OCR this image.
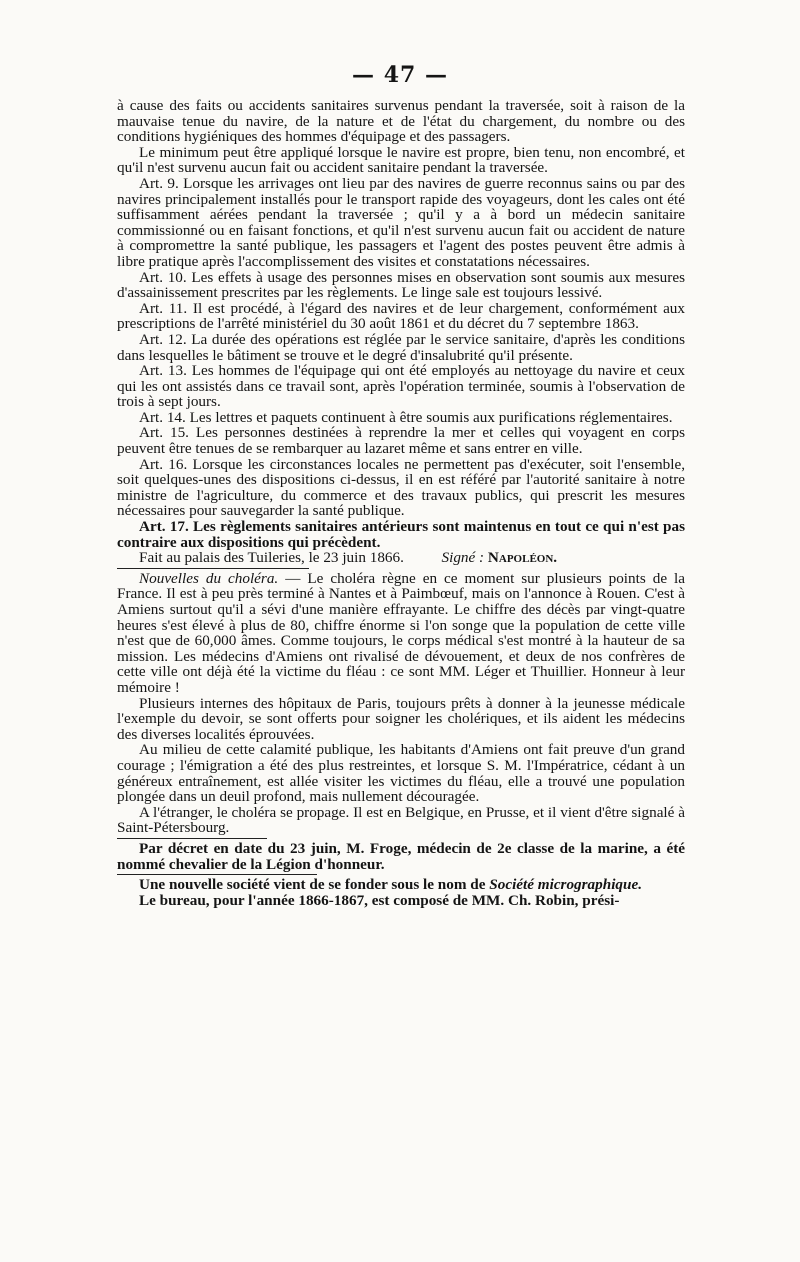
— 47 —

à cause des faits ou accidents sanitaires survenus pendant la traversée, soit à raison de la mauvaise tenue du navire, de la nature et de l'état du chargement, du nombre ou des conditions hygiéniques des hommes d'équipage et des passagers.

Le minimum peut être appliqué lorsque le navire est propre, bien tenu, non encombré, et qu'il n'est survenu aucun fait ou accident sanitaire pendant la traversée.

Art. 9. Lorsque les arrivages ont lieu par des navires de guerre reconnus sains ou par des navires principalement installés pour le transport rapide des voyageurs, dont les cales ont été suffisamment aérées pendant la traversée ; qu'il y a à bord un médecin sanitaire commissionné ou en faisant fonctions, et qu'il n'est survenu aucun fait ou accident de nature à compromettre la santé publique, les passagers et l'agent des postes peuvent être admis à libre pratique après l'accomplissement des visites et constatations nécessaires.

Art. 10. Les effets à usage des personnes mises en observation sont soumis aux mesures d'assainissement prescrites par les règlements. Le linge sale est toujours lessivé.

Art. 11. Il est procédé, à l'égard des navires et de leur chargement, conformément aux prescriptions de l'arrêté ministériel du 30 août 1861 et du décret du 7 septembre 1863.

Art. 12. La durée des opérations est réglée par le service sanitaire, d'après les conditions dans lesquelles le bâtiment se trouve et le degré d'insalubrité qu'il présente.

Art. 13. Les hommes de l'équipage qui ont été employés au nettoyage du navire et ceux qui les ont assistés dans ce travail sont, après l'opération terminée, soumis à l'observation de trois à sept jours.

Art. 14. Les lettres et paquets continuent à être soumis aux purifications réglementaires.

Art. 15. Les personnes destinées à reprendre la mer et celles qui voyagent en corps peuvent être tenues de se rembarquer au lazaret même et sans entrer en ville.

Art. 16. Lorsque les circonstances locales ne permettent pas d'exécuter, soit l'ensemble, soit quelques-unes des dispositions ci-dessus, il en est référé par l'autorité sanitaire à notre ministre de l'agriculture, du commerce et des travaux publics, qui prescrit les mesures nécessaires pour sauvegarder la santé publique.

Art. 17. Les règlements sanitaires antérieurs sont maintenus en tout ce qui n'est pas contraire aux dispositions qui précèdent.

Fait au palais des Tuileries, le 23 juin 1866. Signé : Napoléon.

Nouvelles du choléra. — Le choléra règne en ce moment sur plusieurs points de la France. Il est à peu près terminé à Nantes et à Paimbœuf, mais on l'annonce à Rouen. C'est à Amiens surtout qu'il a sévi d'une manière effrayante. Le chiffre des décès par vingt-quatre heures s'est élevé à plus de 80, chiffre énorme si l'on songe que la population de cette ville n'est que de 60,000 âmes. Comme toujours, le corps médical s'est montré à la hauteur de sa mission. Les médecins d'Amiens ont rivalisé de dévouement, et deux de nos confrères de cette ville ont déjà été la victime du fléau : ce sont MM. Léger et Thuillier. Honneur à leur mémoire !

Plusieurs internes des hôpitaux de Paris, toujours prêts à donner à la jeunesse médicale l'exemple du devoir, se sont offerts pour soigner les cholériques, et ils aident les médecins des diverses localités éprouvées.

Au milieu de cette calamité publique, les habitants d'Amiens ont fait preuve d'un grand courage ; l'émigration a été des plus restreintes, et lorsque S. M. l'Impératrice, cédant à un généreux entraînement, est allée visiter les victimes du fléau, elle a trouvé une population plongée dans un deuil profond, mais nullement découragée.

A l'étranger, le choléra se propage. Il est en Belgique, en Prusse, et il vient d'être signalé à Saint-Pétersbourg.

Par décret en date du 23 juin, M. Froge, médecin de 2e classe de la marine, a été nommé chevalier de la Légion d'honneur.

Une nouvelle société vient de se fonder sous le nom de Société micrographique.

Le bureau, pour l'année 1866-1867, est composé de MM. Ch. Robin, prési-
